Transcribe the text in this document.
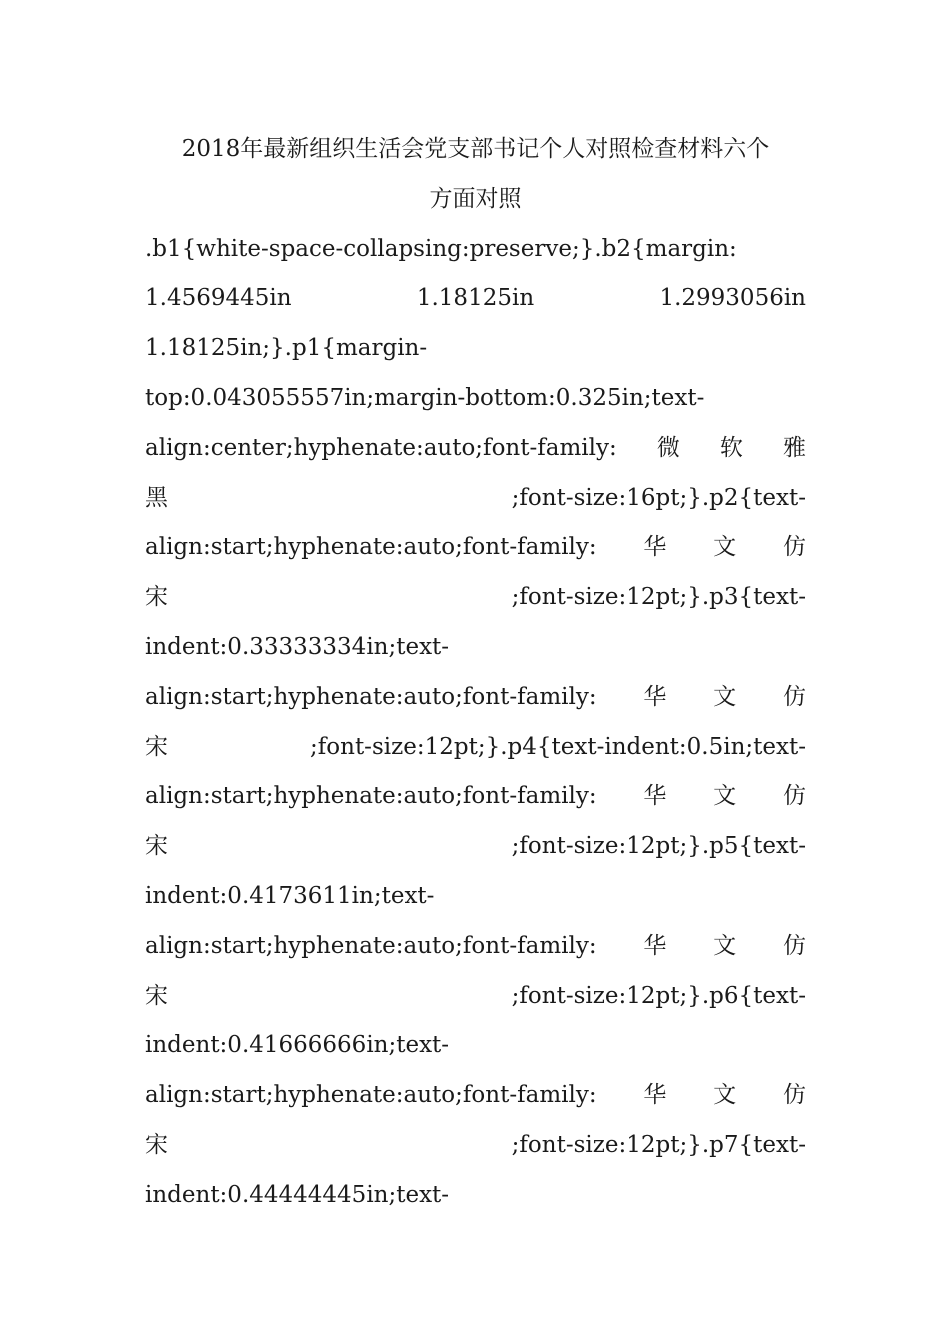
2018年最新组织生活会党支部书记个人对照检查材料六个
方面对照
.b1{white-space-collapsing:preserve;}.b2{margin:
1.4569445in	1.18125in	1.2993056in
1.18125in;}.p1{margin-
top:0.043055557in;margin-bottom:0.325in;text-
align:center;hyphenate:auto;font-family: 微 软 雅
黑	;font-size:16pt;}.p2{text-
align:start;hyphenate:auto;font-family: 华 文 仿
宋	;font-size:12pt;}.p3{text-
indent:0.33333334in;text-
align:start;hyphenate:auto;font-family: 华 文 仿
宋	;font-size:12pt;}.p4{text-indent:0.5in;text-
align:start;hyphenate:auto;font-family: 华 文 仿
宋	;font-size:12pt;}.p5{text-
indent:0.4173611in;text-
align:start;hyphenate:auto;font-family: 华 文 仿
宋	;font-size:12pt;}.p6{text-
indent:0.41666666in;text-
align:start;hyphenate:auto;font-family: 华 文 仿
宋	;font-size:12pt;}.p7{text-
indent:0.44444445in;text-
